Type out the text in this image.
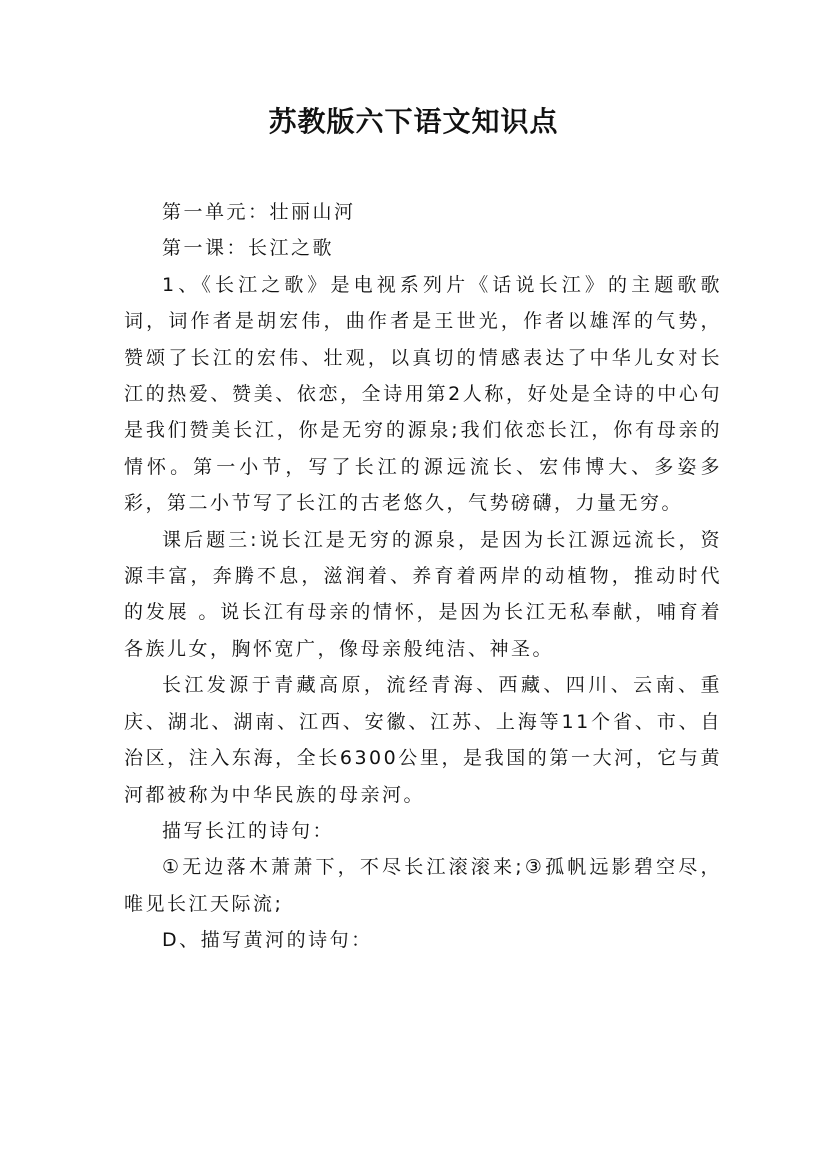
苏教版六下语文知识点

第一单元：壮丽山河

第一课：长江之歌

1、《长江之歌》是电视系列片《话说长江》的主题歌歌词，词作者是胡宏伟，曲作者是王世光，作者以雄浑的气势，赞颂了长江的宏伟、壮观，以真切的情感表达了中华儿女对长江的热爱、赞美、依恋，全诗用第2人称，好处是全诗的中心句是我们赞美长江，你是无穷的源泉;我们依恋长江，你有母亲的情怀。第一小节，写了长江的源远流长、宏伟博大、多姿多彩，第二小节写了长江的古老悠久，气势磅礴，力量无穷。

课后题三:说长江是无穷的源泉，是因为长江源远流长，资源丰富，奔腾不息，滋润着、养育着两岸的动植物，推动时代的发展 。说长江有母亲的情怀，是因为长江无私奉献，哺育着各族儿女，胸怀宽广，像母亲般纯洁、神圣。

长江发源于青藏高原，流经青海、西藏、四川、云南、重庆、湖北、湖南、江西、安徽、江苏、上海等11个省、市、自治区，注入东海，全长6300公里，是我国的第一大河，它与黄河都被称为中华民族的母亲河。

描写长江的诗句：

①无边落木萧萧下，不尽长江滚滚来;③孤帆远影碧空尽，唯见长江天际流;

D、描写黄河的诗句：
